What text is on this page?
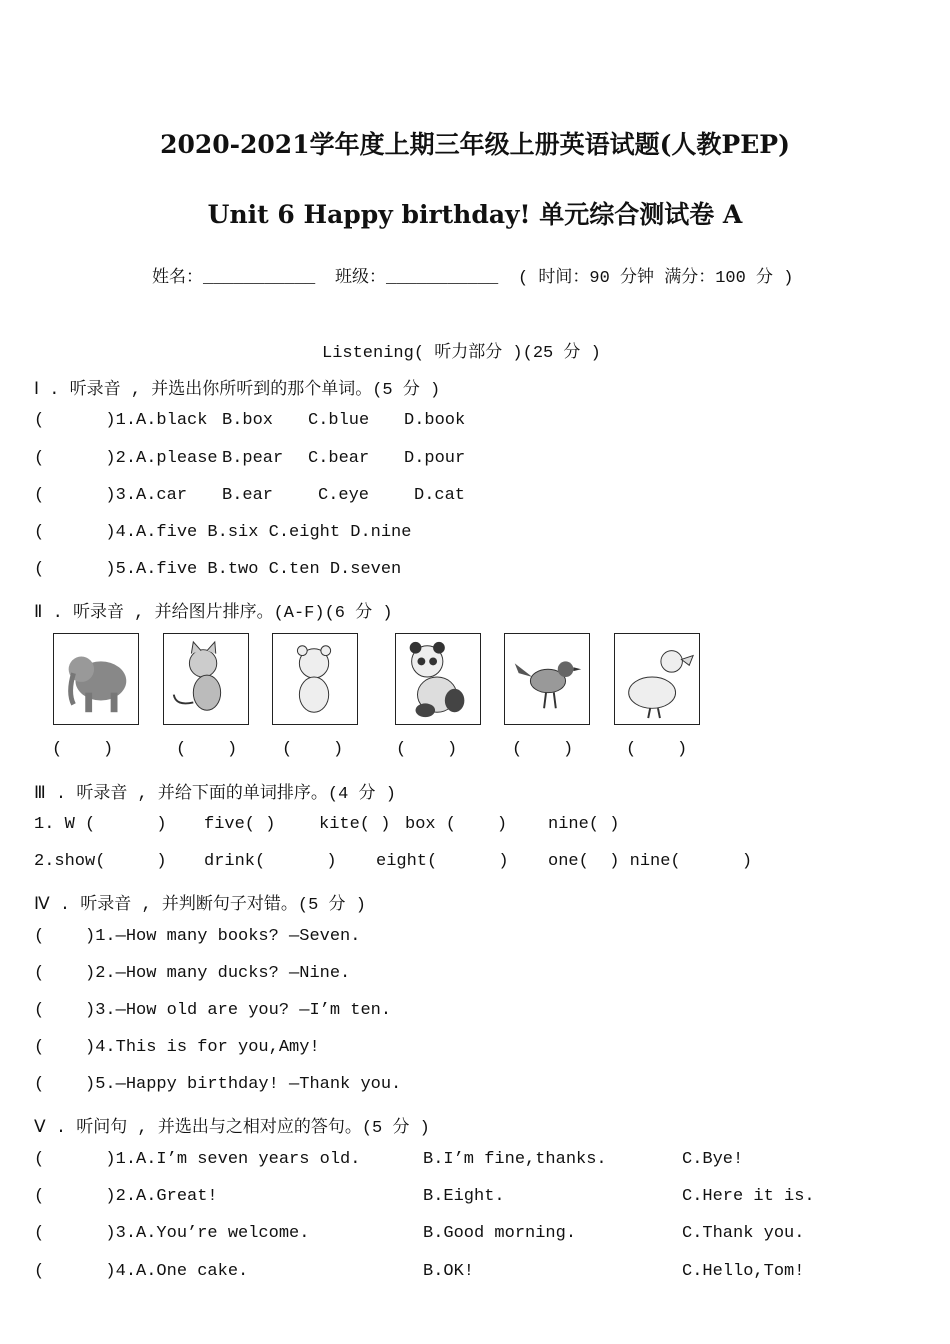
2020-2021学年度上期三年级上册英语试题(人教PEP)
Unit 6 Happy birthday! 单元综合测试卷 A
姓名：___________ 班级：___________ ( 时间：90 分钟 满分：100 分 )
Listening( 听力部分 )(25 分 )
Ⅰ . 听录音 , 并选出你所听到的那个单词。(5 分 )
(      )1.A.black B.box C.blue D.book
(      )2.A.please B.pear C.bear D.pour
(      )3.A.car B.ear	C.eye	D.cat
(      )4.A.five B.six C.eight D.nine
(      )5.A.five B.two C.ten D.seven
Ⅱ . 听录音 , 并给图片排序。(A-F)(6 分 )
(    )	(    )	(    )	(    )	(    )	(    )
Ⅲ . 听录音 , 并给下面的单词排序。(4 分 )
1. W (      ) five( )	kite( ) box (    ) nine( )
2.show(     ) drink(      ) eight(      ) one(  ) nine(      )
Ⅳ . 听录音 , 并判断句子对错。(5 分 )
(    )1.—How many books? —Seven.
(    )2.—How many ducks? —Nine.
(    )3.—How old are you? —I’m ten.
(    )4.This is for you,Amy!
(    )5.—Happy birthday! —Thank you.
Ⅴ . 听问句 , 并选出与之相对应的答句。(5 分 )
(      )1.A.I’m seven years old.	B.I’m fine,thanks.	C.Bye!
(      )2.A.Great!	B.Eight.	C.Here it is.
(      )3.A.You’re welcome.	B.Good morning.	C.Thank you.
(      )4.A.One cake.	B.OK!	C.Hello,Tom!
